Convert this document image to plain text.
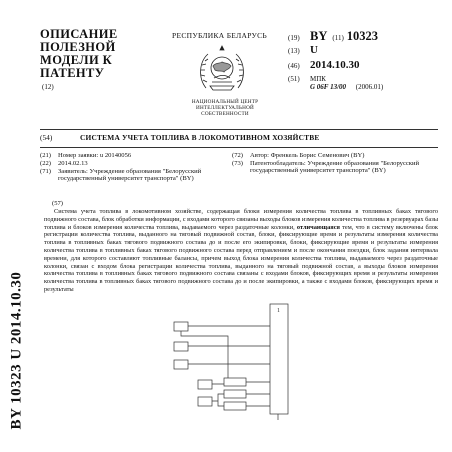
BY 10323 U 2014.10.30
ОПИСАНИЕ
ПОЛЕЗНОЙ
МОДЕЛИ К
ПАТЕНТУ
(12)
РЕСПУБЛИКА БЕЛАРУСЬ
НАЦИОНАЛЬНЫЙ ЦЕНТР
ИНТЕЛЛЕКТУАЛЬНОЙ
СОБСТВЕННОСТИ
(19) BY (11) 10323
(13) U
(46) 2014.10.30
(51)	МПК
G 06F 13/00 (2006.01)
(54)	СИСТЕМА УЧЕТА ТОПЛИВА В ЛОКОМОТИВНОМ ХОЗЯЙСТВЕ
(21)	Номер заявки: u 20140056
(22)	2014.02.13
(71)	Заявитель: Учреждение образования "Белорусский государственный университет транспорта" (BY)
(72)	Автор: Френкель Борис Семенович (BY)
(73)	Патентообладатель: Учреждение образования "Белорусский государственный университет транспорта" (BY)
(57)
Система учета топлива в локомотивном хозяйстве, содержащая блоки измерения количества топлива в топливных баках тягового подвижного состава, блок обработки информации, с входами которого связаны выходы блоков измерения количества топлива в резервуарах базы топлива и блоков измерения количества топлива, выдаваемого через раздаточные колонки, отличающаяся тем, что в систему включены блок регистрации количества топлива, выданного на тяговый подвижной состав, блоки, фиксирующие время и результаты измерения количества топлива в топливных баках тягового подвижного состава до и после его экипировки, блоки, фиксирующие время и результаты измерения количества топлива в топливных баках тягового подвижного состава перед отправлением и после окончания поездки, блок задания интервала времени, для которого составляют топливные балансы, причем выход блока измерения количества топлива, выдаваемого через раздаточные колонки, связан с входом блока регистрации количества топлива, выданного на тяговый подвижной состав, а выходы блоков измерения количества топлива в топливных баках тягового подвижного состава связаны с входами блоков, фиксирующих время и результаты измерения количества топлива в топливных баках тягового подвижного состава до и после экипировки, а также с входами блоков, фиксирующих время и результаты
1
